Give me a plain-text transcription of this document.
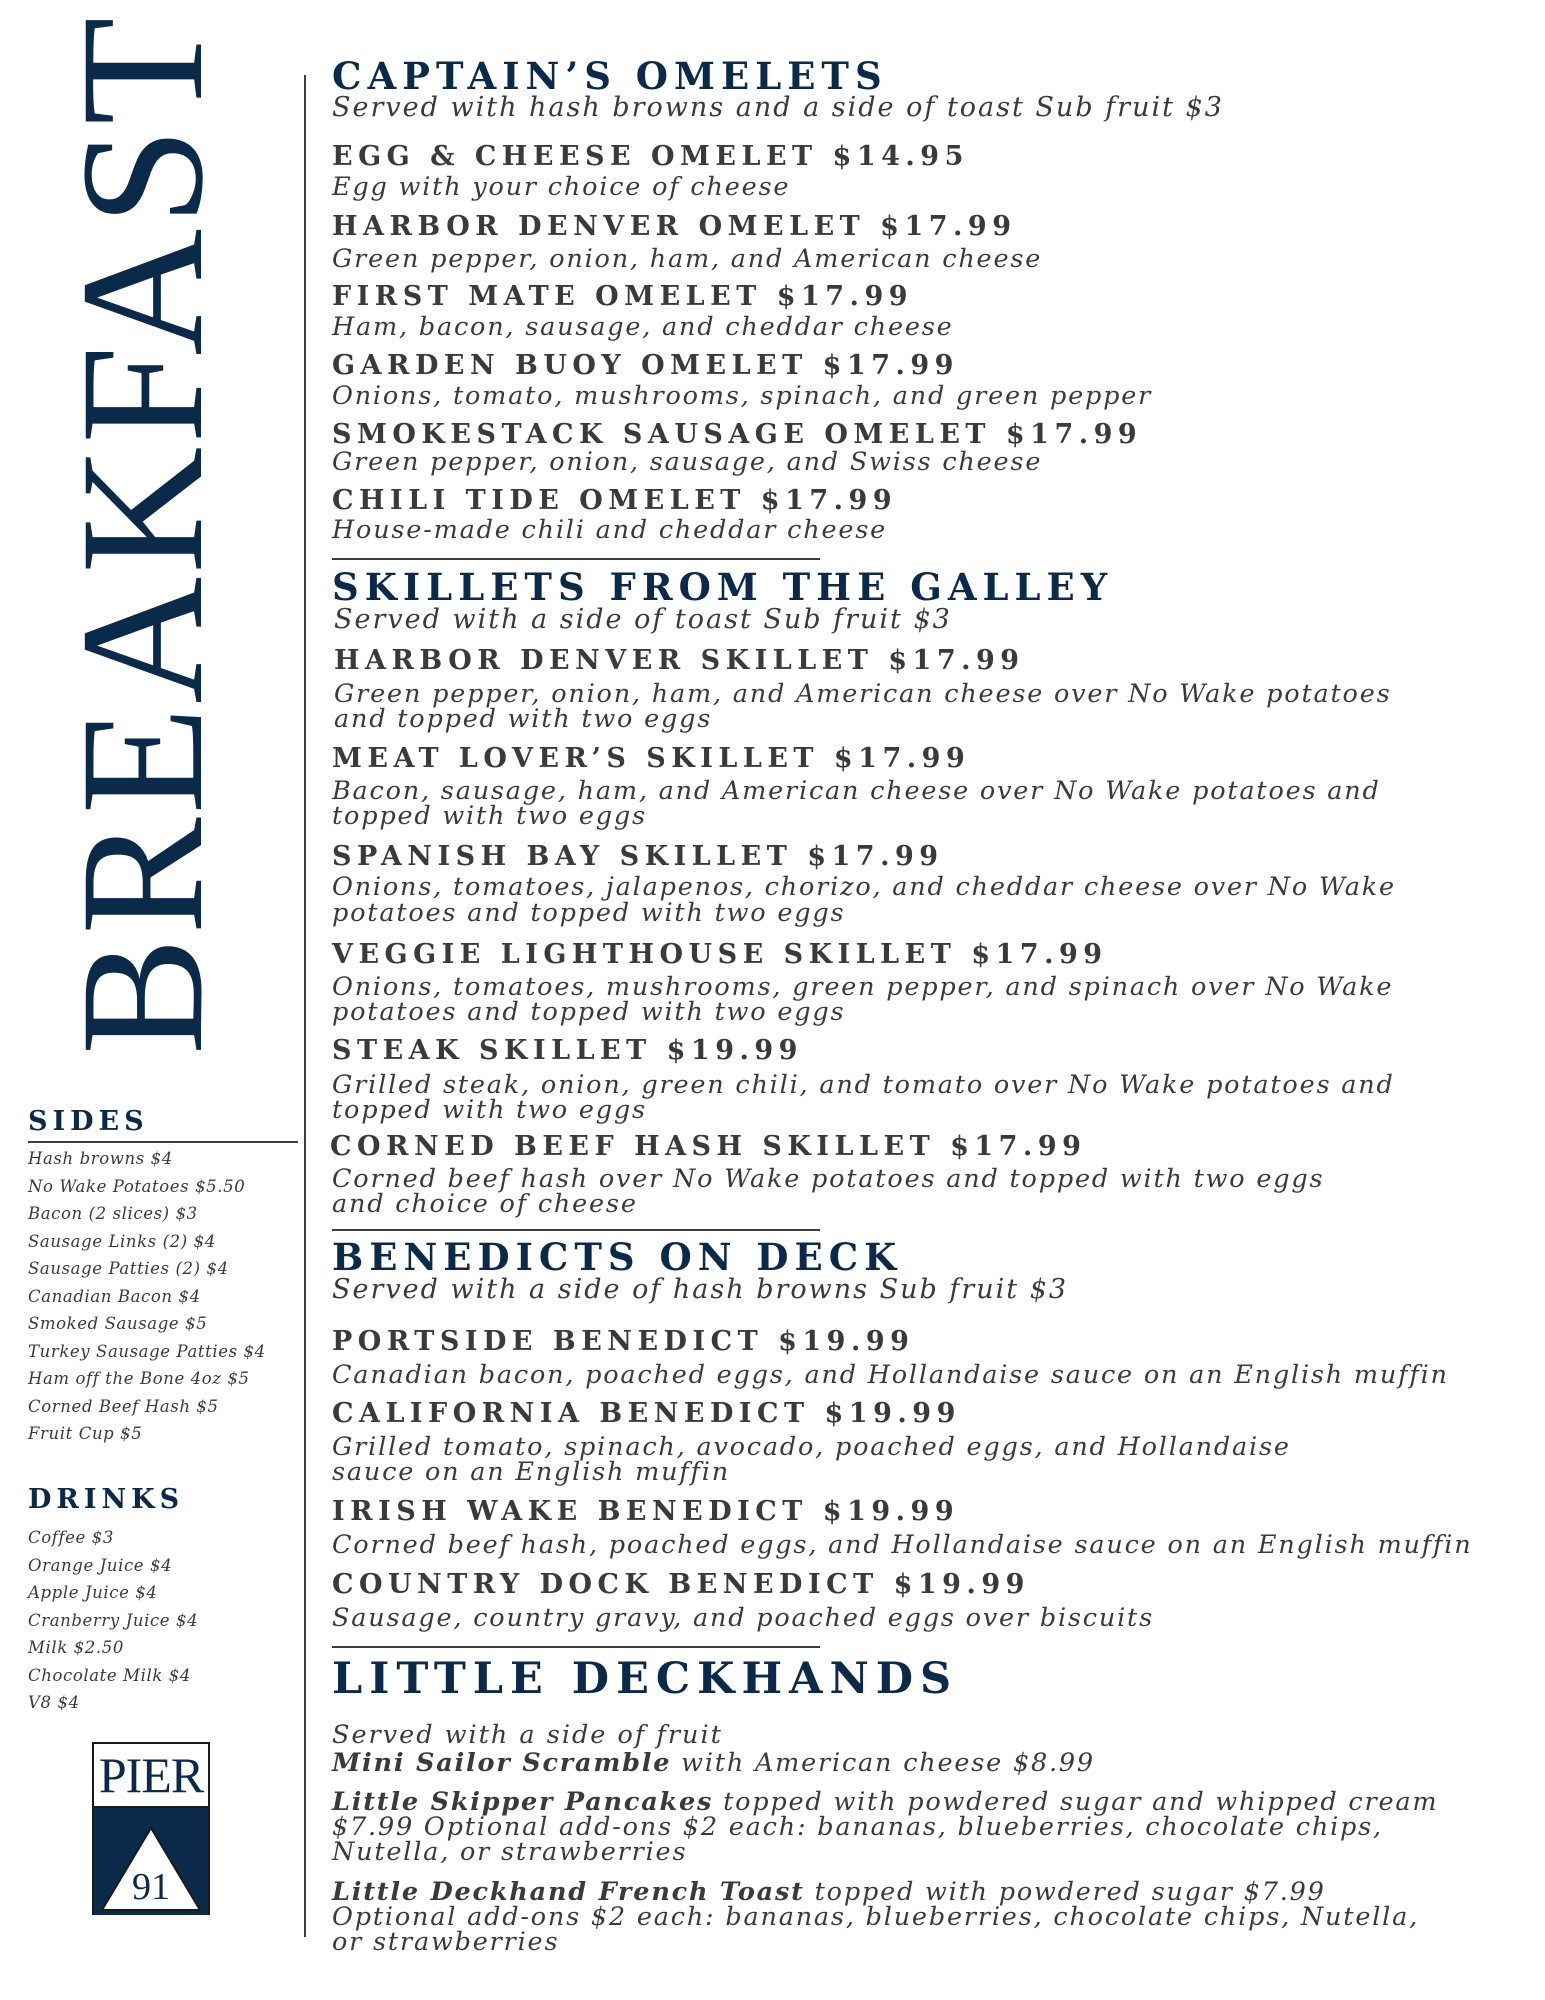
BREAKFAST
SIDES
Hash browns $4
No Wake Potatoes $5.50
Bacon (2 slices) $3
Sausage Links (2) $4
Sausage Patties (2) $4
Canadian Bacon $4
Smoked Sausage $5
Turkey Sausage Patties $4
Ham off the Bone 4oz $5
Corned Beef Hash $5
Fruit Cup $5
DRINKS
Coffee $3
Orange Juice $4
Apple Juice $4
Cranberry Juice $4
Milk $2.50
Chocolate Milk $4
V8 $4
PIER
91
CAPTAIN’S OMELETS
Served with hash browns and a side of toast Sub fruit $3
EGG & CHEESE OMELET $14.95
Egg with your choice of cheese
HARBOR DENVER OMELET $17.99
Green pepper, onion, ham, and American cheese
FIRST MATE OMELET $17.99
Ham, bacon, sausage, and cheddar cheese
GARDEN BUOY OMELET $17.99
Onions, tomato, mushrooms, spinach, and green pepper
SMOKESTACK SAUSAGE OMELET $17.99
Green pepper, onion, sausage, and Swiss cheese
CHILI TIDE OMELET $17.99
House-made chili and cheddar cheese
SKILLETS FROM THE GALLEY
Served with a side of toast Sub fruit $3
HARBOR DENVER SKILLET $17.99
Green pepper, onion, ham, and American cheese over No Wake potatoes
and topped with two eggs
MEAT LOVER’S SKILLET $17.99
Bacon, sausage, ham, and American cheese over No Wake potatoes and
topped with two eggs
SPANISH BAY SKILLET $17.99
Onions, tomatoes, jalapenos, chorizo, and cheddar cheese over No Wake
potatoes and topped with two eggs
VEGGIE LIGHTHOUSE SKILLET $17.99
Onions, tomatoes, mushrooms, green pepper, and spinach over No Wake
potatoes and topped with two eggs
STEAK SKILLET $19.99
Grilled steak, onion, green chili, and tomato over No Wake potatoes and
topped with two eggs
CORNED BEEF HASH SKILLET $17.99
Corned beef hash over No Wake potatoes and topped with two eggs
and choice of cheese
BENEDICTS ON DECK
Served with a side of hash browns Sub fruit $3
PORTSIDE BENEDICT $19.99
Canadian bacon, poached eggs, and Hollandaise sauce on an English muffin
CALIFORNIA BENEDICT $19.99
Grilled tomato, spinach, avocado, poached eggs, and Hollandaise
sauce on an English muffin
IRISH WAKE BENEDICT $19.99
Corned beef hash, poached eggs, and Hollandaise sauce on an English muffin
COUNTRY DOCK BENEDICT $19.99
Sausage, country gravy, and poached eggs over biscuits
LITTLE DECKHANDS
Served with a side of fruit
Mini Sailor Scramble with American cheese $8.99
Little Skipper Pancakes topped with powdered sugar and whipped cream
$7.99 Optional add-ons $2 each: bananas, blueberries, chocolate chips,
Nutella, or strawberries
Little Deckhand French Toast topped with powdered sugar $7.99
Optional add-ons $2 each: bananas, blueberries, chocolate chips, Nutella,
or strawberries
